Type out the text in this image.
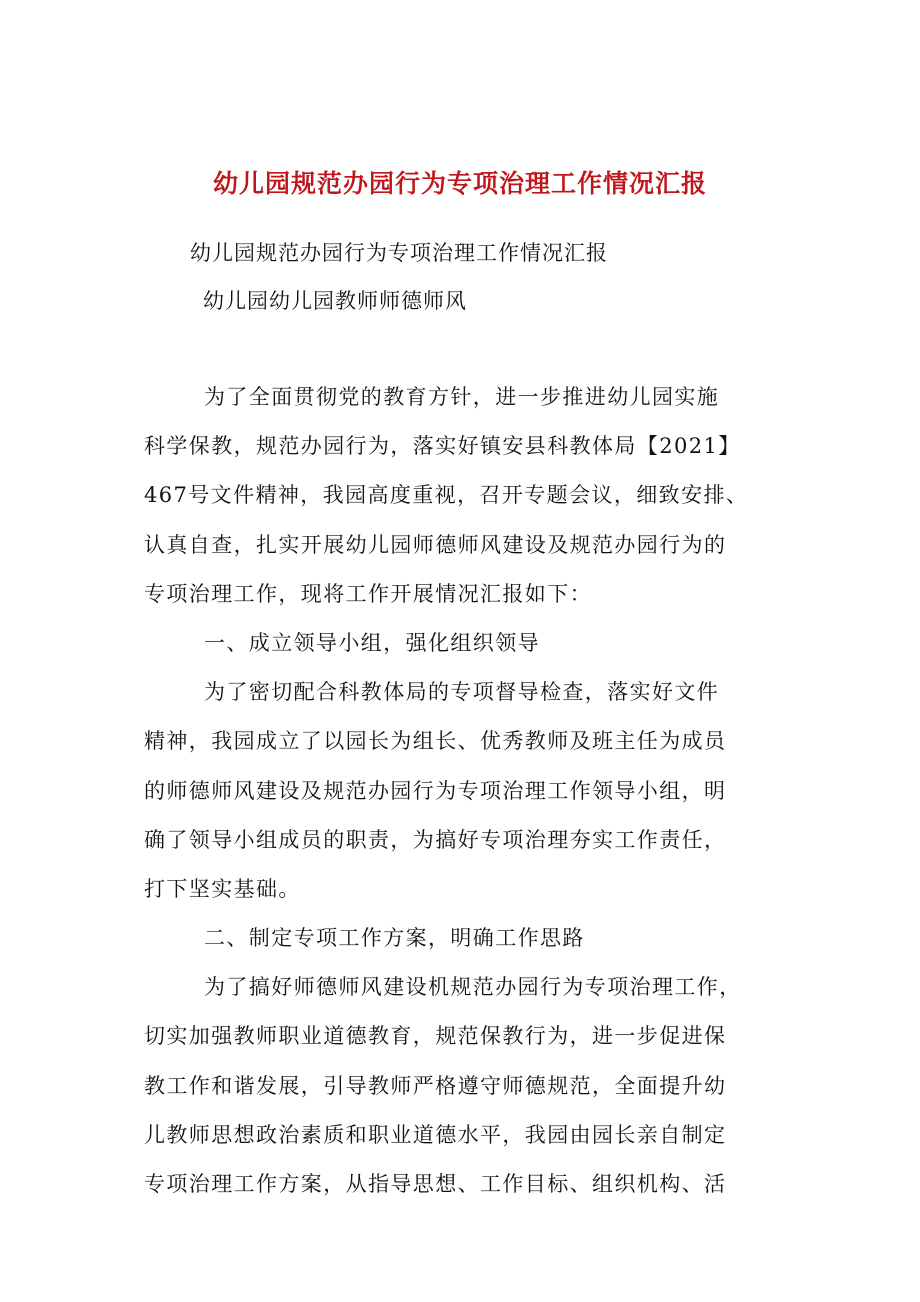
幼儿园规范办园行为专项治理工作情况汇报
幼儿园规范办园行为专项治理工作情况汇报
幼儿园幼儿园教师师德师风
为了全面贯彻党的教育方针，进一步推进幼儿园实施
科学保教，规范办园行为，落实好镇安县科教体局【2021】
467号文件精神，我园高度重视，召开专题会议，细致安排、
认真自查，扎实开展幼儿园师德师风建设及规范办园行为的
专项治理工作，现将工作开展情况汇报如下：
一、成立领导小组，强化组织领导
为了密切配合科教体局的专项督导检查，落实好文件
精神，我园成立了以园长为组长、优秀教师及班主任为成员
的师德师风建设及规范办园行为专项治理工作领导小组，明
确了领导小组成员的职责，为搞好专项治理夯实工作责任，
打下坚实基础。
二、制定专项工作方案，明确工作思路
为了搞好师德师风建设机规范办园行为专项治理工作，
切实加强教师职业道德教育，规范保教行为，进一步促进保
教工作和谐发展，引导教师严格遵守师德规范，全面提升幼
儿教师思想政治素质和职业道德水平，我园由园长亲自制定
专项治理工作方案，从指导思想、工作目标、组织机构、活
